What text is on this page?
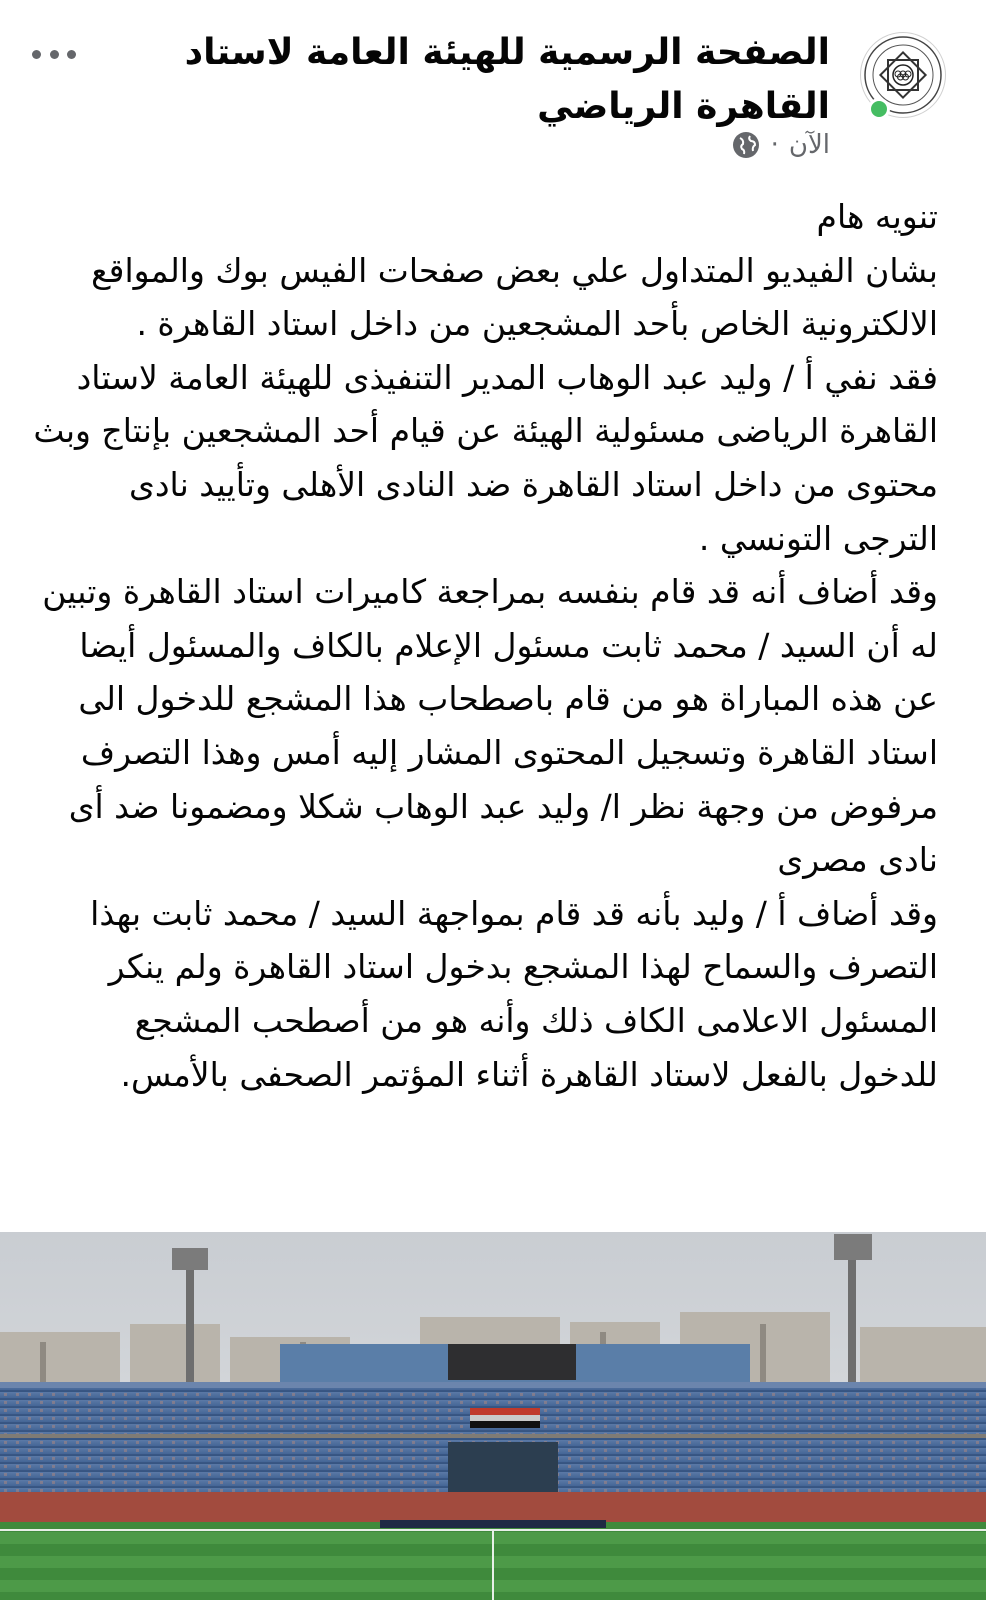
الصفحة الرسمية للهيئة العامة لاستاد القاهرة الرياضي
الآن
·

تنويه هام

بشان الفيديو المتداول علي بعض صفحات الفيس بوك والمواقع الالكترونية الخاص بأحد المشجعين من داخل استاد القاهرة .

فقد نفي أ / وليد عبد الوهاب المدير التنفيذى للهيئة العامة لاستاد القاهرة الرياضى مسئولية الهيئة عن قيام أحد المشجعين بإنتاج وبث محتوى من داخل استاد القاهرة ضد النادى الأهلى وتأييد نادى الترجى التونسي .

وقد أضاف أنه قد قام بنفسه بمراجعة كاميرات استاد القاهرة وتبين له أن السيد / محمد ثابت مسئول الإعلام بالكاف والمسئول أيضا عن هذه المباراة هو من قام باصطحاب هذا المشجع للدخول الى استاد القاهرة وتسجيل المحتوى المشار إليه أمس وهذا التصرف مرفوض من وجهة نظر ا/ وليد عبد الوهاب شكلا ومضمونا ضد أى نادى مصرى

وقد أضاف أ / وليد بأنه قد قام بمواجهة السيد / محمد ثابت بهذا التصرف والسماح لهذا المشجع بدخول استاد القاهرة ولم ينكر المسئول الاعلامى الكاف ذلك وأنه هو من أصطحب المشجع للدخول بالفعل لاستاد القاهرة أثناء المؤتمر الصحفى بالأمس.
